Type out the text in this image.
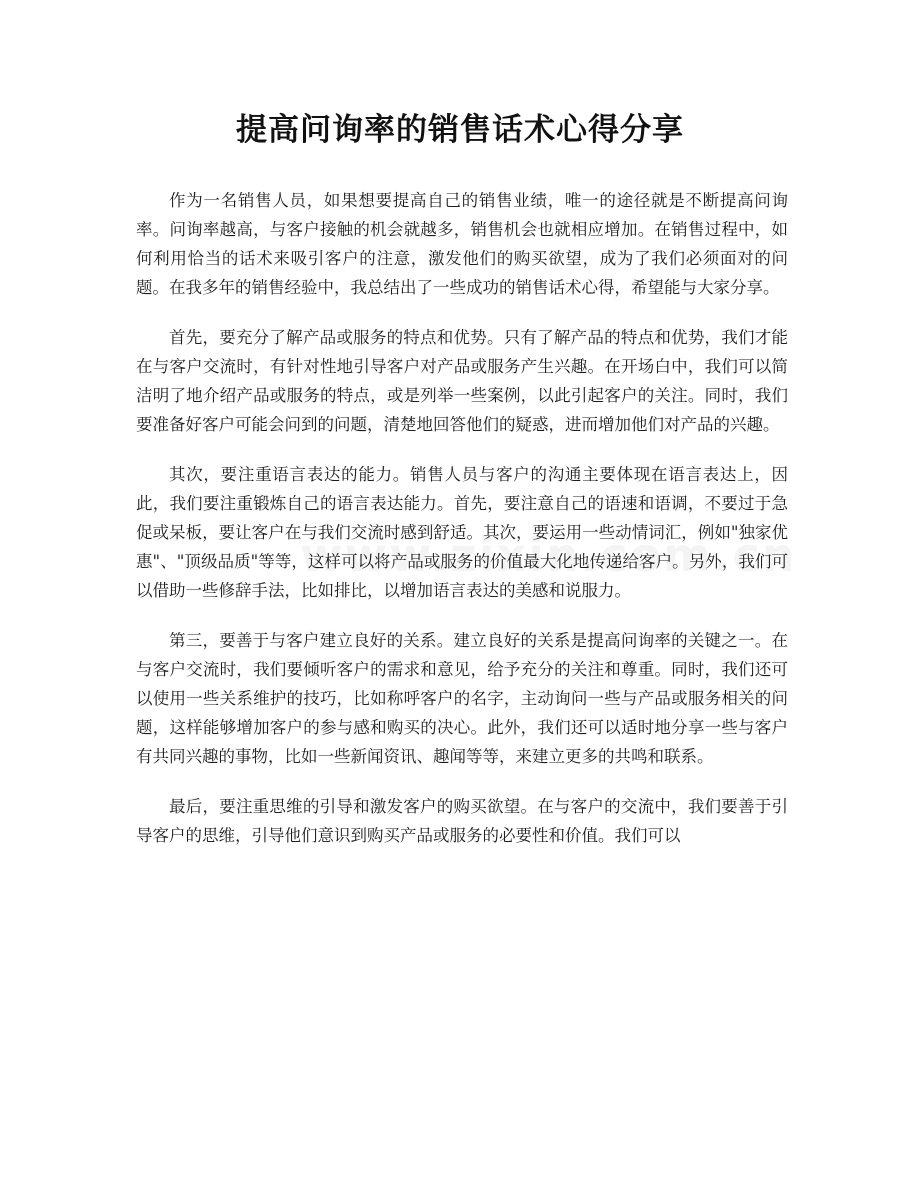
提高问询率的销售话术心得分享

作为一名销售人员，如果想要提高自己的销售业绩，唯一的途径就是不断提高问询率。问询率越高，与客户接触的机会就越多，销售机会也就相应增加。在销售过程中，如何利用恰当的话术来吸引客户的注意，激发他们的购买欲望，成为了我们必须面对的问题。在我多年的销售经验中，我总结出了一些成功的销售话术心得，希望能与大家分享。

首先，要充分了解产品或服务的特点和优势。只有了解产品的特点和优势，我们才能在与客户交流时，有针对性地引导客户对产品或服务产生兴趣。在开场白中，我们可以简洁明了地介绍产品或服务的特点，或是列举一些案例，以此引起客户的关注。同时，我们要准备好客户可能会问到的问题，清楚地回答他们的疑惑，进而增加他们对产品的兴趣。

其次，要注重语言表达的能力。销售人员与客户的沟通主要体现在语言表达上，因此，我们要注重锻炼自己的语言表达能力。首先，要注意自己的语速和语调，不要过于急促或呆板，要让客户在与我们交流时感到舒适。其次，要运用一些动情词汇，例如"独家优惠"、"顶级品质"等等，这样可以将产品或服务的价值最大化地传递给客户。另外，我们可以借助一些修辞手法，比如排比，以增加语言表达的美感和说服力。

第三，要善于与客户建立良好的关系。建立良好的关系是提高问询率的关键之一。在与客户交流时，我们要倾听客户的需求和意见，给予充分的关注和尊重。同时，我们还可以使用一些关系维护的技巧，比如称呼客户的名字，主动询问一些与产品或服务相关的问题，这样能够增加客户的参与感和购买的决心。此外，我们还可以适时地分享一些与客户有共同兴趣的事物，比如一些新闻资讯、趣闻等等，来建立更多的共鸣和联系。

最后，要注重思维的引导和激发客户的购买欲望。在与客户的交流中，我们要善于引导客户的思维，引导他们意识到购买产品或服务的必要性和价值。我们可以
